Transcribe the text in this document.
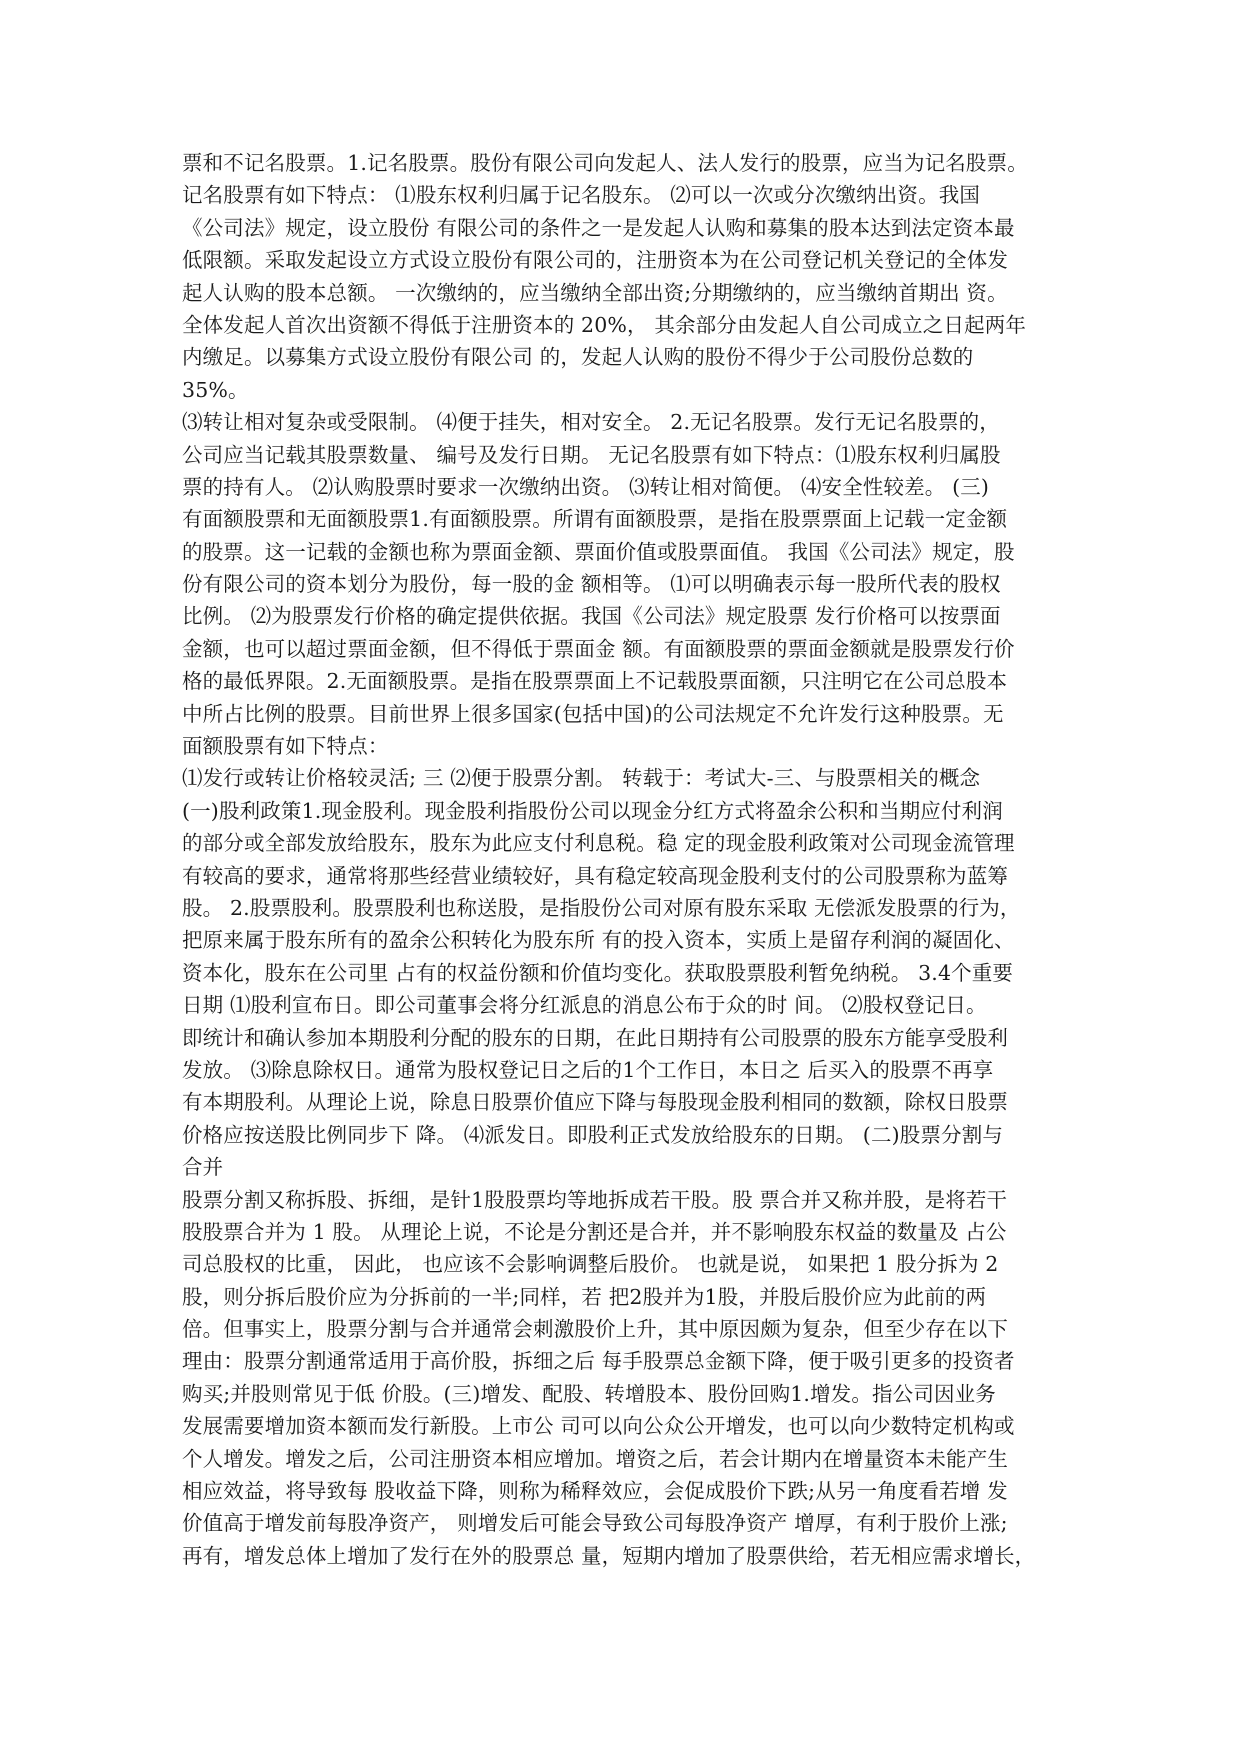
票和不记名股票。1.记名股票。股份有限公司向发起人、法人发行的股票，应当为记名股票。
记名股票有如下特点： ⑴股东权利归属于记名股东。 ⑵可以一次或分次缴纳出资。我国
《公司法》规定，设立股份 有限公司的条件之一是发起人认购和募集的股本达到法定资本最
低限额。采取发起设立方式设立股份有限公司的，注册资本为在公司登记机关登记的全体发
起人认购的股本总额。 一次缴纳的，应当缴纳全部出资;分期缴纳的，应当缴纳首期出 资。
全体发起人首次出资额不得低于注册资本的 20%， 其余部分由发起人自公司成立之日起两年
内缴足。以募集方式设立股份有限公司 的，发起人认购的股份不得少于公司股份总数的
35%。
⑶转让相对复杂或受限制。 ⑷便于挂失，相对安全。 2.无记名股票。发行无记名股票的，
公司应当记载其股票数量、 编号及发行日期。 无记名股票有如下特点：⑴股东权利归属股
票的持有人。 ⑵认购股票时要求一次缴纳出资。 ⑶转让相对简便。 ⑷安全性较差。 (三)
有面额股票和无面额股票1.有面额股票。所谓有面额股票，是指在股票票面上记载一定金额
的股票。这一记载的金额也称为票面金额、票面价值或股票面值。 我国《公司法》规定，股
份有限公司的资本划分为股份，每一股的金 额相等。 ⑴可以明确表示每一股所代表的股权
比例。 ⑵为股票发行价格的确定提供依据。我国《公司法》规定股票 发行价格可以按票面
金额，也可以超过票面金额，但不得低于票面金 额。有面额股票的票面金额就是股票发行价
格的最低界限。2.无面额股票。是指在股票票面上不记载股票面额，只注明它在公司总股本
中所占比例的股票。目前世界上很多国家(包括中国)的公司法规定不允许发行这种股票。无
面额股票有如下特点：
⑴发行或转让价格较灵活; 三 ⑵便于股票分割。 转载于：考试大-三、与股票相关的概念
(一)股利政策1.现金股利。现金股利指股份公司以现金分红方式将盈余公积和当期应付利润
的部分或全部发放给股东，股东为此应支付利息税。稳 定的现金股利政策对公司现金流管理
有较高的要求，通常将那些经营业绩较好，具有稳定较高现金股利支付的公司股票称为蓝筹
股。 2.股票股利。股票股利也称送股，是指股份公司对原有股东采取 无偿派发股票的行为，
把原来属于股东所有的盈余公积转化为股东所 有的投入资本，实质上是留存利润的凝固化、
资本化，股东在公司里 占有的权益份额和价值均变化。获取股票股利暂免纳税。 3.4个重要
日期 ⑴股利宣布日。即公司董事会将分红派息的消息公布于众的时 间。 ⑵股权登记日。
即统计和确认参加本期股利分配的股东的日期，在此日期持有公司股票的股东方能享受股利
发放。 ⑶除息除权日。通常为股权登记日之后的1个工作日，本日之 后买入的股票不再享
有本期股利。从理论上说，除息日股票价值应下降与每股现金股利相同的数额，除权日股票
价格应按送股比例同步下 降。 ⑷派发日。即股利正式发放给股东的日期。 (二)股票分割与
合并
股票分割又称拆股、拆细，是针1股股票均等地拆成若干股。股 票合并又称并股，是将若干
股股票合并为 1 股。 从理论上说，不论是分割还是合并，并不影响股东权益的数量及 占公
司总股权的比重， 因此， 也应该不会影响调整后股价。 也就是说， 如果把 1 股分拆为 2
股，则分拆后股价应为分拆前的一半;同样，若 把2股并为1股，并股后股价应为此前的两
倍。但事实上，股票分割与合并通常会刺激股价上升，其中原因颇为复杂，但至少存在以下
理由：股票分割通常适用于高价股，拆细之后 每手股票总金额下降，便于吸引更多的投资者
购买;并股则常见于低 价股。(三)增发、配股、转增股本、股份回购1.增发。指公司因业务
发展需要增加资本额而发行新股。上市公 司可以向公众公开增发，也可以向少数特定机构或
个人增发。增发之后，公司注册资本相应增加。增资之后，若会计期内在增量资本未能产生
相应效益，将导致每 股收益下降，则称为稀释效应，会促成股价下跌;从另一角度看若增 发
价值高于增发前每股净资产， 则增发后可能会导致公司每股净资产 增厚，有利于股价上涨;
再有，增发总体上增加了发行在外的股票总 量，短期内增加了股票供给，若无相应需求增长，
